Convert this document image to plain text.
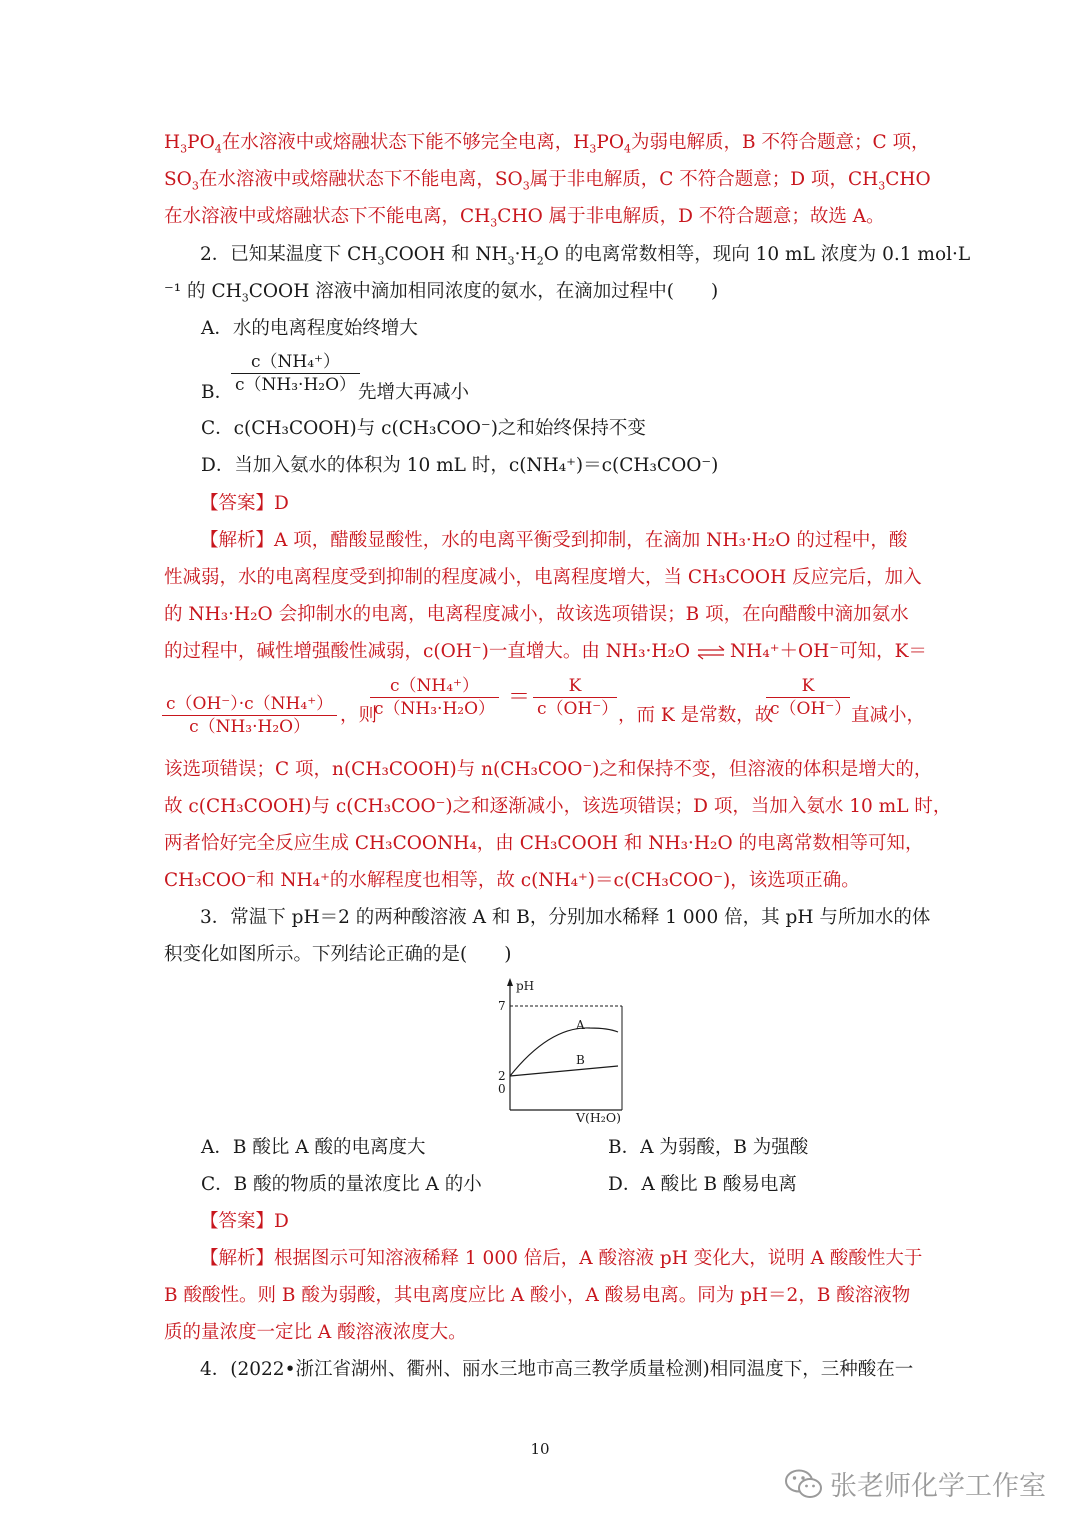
$H_3PO_4$在水溶液中或熔融状态下能不够完全电离，$H_3PO_4$为弱电解质，B 不符合题意；C 项，
$SO_3$在水溶液中或熔融状态下不能电离，$SO_3$属于非电解质，C 不符合题意；D 项，$CH_3CHO$
在水溶液中或熔融状态下不能电离，$CH_3CHO$ 属于非电解质，D 不符合题意；故选 A。
2．已知某温度下 $CH_3COOH$ 和 $NH_3\cdot H_2O$ 的电离常数相等，现向 10 mL 浓度为 0.1 mol·L
⁻¹ 的 $CH_3COOH$ 溶液中滴加相同浓度的氨水，在滴加过程中(　　)
A．水的电离程度始终增大
B．
$\frac{\text{c（NH₄⁺）}}{\text{c（NH₃·H₂O）}}$
先增大再减小
C．c(CH₃COOH)与 c(CH₃COO⁻)之和始终保持不变
D．当加入氨水的体积为 10 mL 时，c(NH₄⁺)＝c(CH₃COO⁻)
【答案】D
【解析】A 项，醋酸显酸性，水的电离平衡受到抑制，在滴加 NH₃·H₂O 的过程中，酸
性减弱，水的电离程度受到抑制的程度减小，电离程度增大，当 CH₃COOH 反应完后，加入
的 NH₃·H₂O 会抑制水的电离，电离程度减小，故该选项错误；B 项，在向醋酸中滴加氨水
的过程中，碱性增强酸性减弱，c(OH⁻)一直增大。由 NH₃·H₂O ⇌ NH₄⁺＋OH⁻可知，K＝
$\frac{\text{c（OH⁻）·c（NH₄⁺）}}{\text{c（NH₃·H₂O）}}$ ，则
$\frac{\text{c（NH₄⁺）}}{\text{c（NH₃·H₂O）}} = \frac{K}{c(OH^-)}$ ，而 K 是常数，故
$\frac{K}{c(OH^-)}$ 直减小，
该选项错误；C 项，n(CH₃COOH)与 n(CH₃COO⁻)之和保持不变，但溶液的体积是增大的，
故 c(CH₃COOH)与 c(CH₃COO⁻)之和逐渐减小，该选项错误；D 项，当加入氨水 10 mL 时，
两者恰好完全反应生成 CH₃COONH₄，由 CH₃COOH 和 NH₃·H₂O 的电离常数相等可知，
CH₃COO⁻和 NH₄⁺的水解程度也相等，故 c(NH₄⁺)＝c(CH₃COO⁻)，该选项正确。
3．常温下 pH＝2 的两种酸溶液 A 和 B，分别加水稀释 1 000 倍，其 pH 与所加水的体
积变化如图所示。下列结论正确的是(　　)
pH
7
2
0
A
B
V(H₂O)
A．B 酸比 A 酸的电离度大	B．A 为弱酸，B 为强酸
C．B 酸的物质的量浓度比 A 的小	D．A 酸比 B 酸易电离
【答案】D
【解析】根据图示可知溶液稀释 1 000 倍后，A 酸溶液 pH 变化大，说明 A 酸酸性大于
B 酸酸性。则 B 酸为弱酸，其电离度应比 A 酸小，A 酸易电离。同为 pH＝2，B 酸溶液物
质的量浓度一定比 A 酸溶液浓度大。
4．(2022•浙江省湖州、衢州、丽水三地市高三教学质量检测)相同温度下，三种酸在一
10
张老师化学工作室
